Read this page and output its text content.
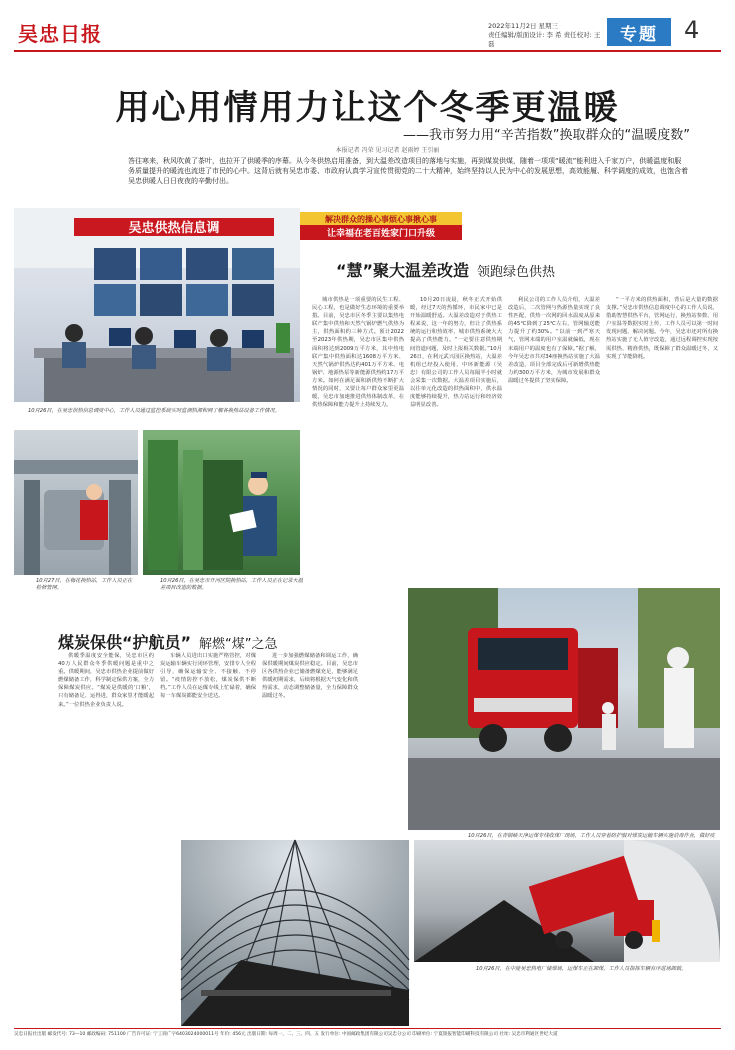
吴忠日报	2022年11月2日 星期三
责任编辑/版面设计: 李 希 责任校对: 王 磊	专题	4
用心用情用力让这个冬季更温暖
——我市努力用“辛苦指数”换取群众的“温暖度数”
本报记者 冯荣 见习记者 赵雨婷 王引丽
答往寒来，秋风吹黄了茶叶，也拉开了供暖季的序幕。从今冬供热启用准备，到大温差改造项目的落地与实施，再到煤炭供煤，随着一项项“暖流”能利进入千家万户，供暖温度和服务质量提升的暖流也流进了市民的心中。这背后就有吴忠市委、市政府认真学习宣传贯彻党的二十大精神，始终坚持以人民为中心的发展思想，高效能履、科学调度的成效，也饱含着吴忠供暖人日日夜夜的辛勤付出。
解决群众的操心事烦心事揪心事
让幸福在老百姓家门口升级
吴忠供热信息调
10月26日，在吴忠供热信息调度中心，工作人员通过监控系统实时监测热源和网了解各换热站设备工作情况。
“慧”聚大温差改造 领跑绿色供热
城市供热是一项重要的民生工程、民心工程，也是做好生态环境的重要举措。目前，吴忠市区冬季主要以集热电联产集中供热和天然气锅炉燃气供热为主，供热面积约三种方式。预计2022至2023年供热期，吴忠市区集中供热面积将达到2009万平方米，其中热电联产集中供热面积达1608万平方米、天然气锅炉供热达约401万平方米、电锅炉、地源热泵等新能源供热约17万平方米。如何在满足面积新供热不断扩大情况的同时，又要让每户群众家里更温暖，吴忠市加速推进供热体制改革，在供热保障和能力提升上持续发力。
10月20日凌晨，秋冬正式开始供暖，经过7天的热循环，市民家中已是开始温暖舒适。大温差改造对于供热工程来说，这一年的努力，但让了供热系统的运行和热效率，城市供热系统大大提高了供热能力。“一定要注意供热期间管道问题，及时上报相关数据。”10月26日，在利元武兴园区换热站，大温差机组已经投入使用，中环新能源（吴忠）有限公司的工作人员每隔半小时就会采集一次数据。大温差项目实施后，以往单元化改造的供热面积中，供水温度能够持续提升，热力站运行和经济效益明显改善。
利民公司的工作人员介绍，大温差改造后，二次管网与热源热量实现了良性匹配，供热一次网的回水温度从原来的45℃降到了25℃左右，管网输送能力提升了约30%。“以前一到严寒天气，管网末端的用户室温就偏低，现在末端用户的温度也有了保障。”据了解，今年吴忠市共对34座换热站实施了大温差改造，项目全部完成后可新增供热能力约300万平方米，为城市发展和群众温暖过冬提供了坚实保障。
“一平方米的供热面积，背后是大量的数据支撑。”吴忠市供热信息调度中心的工作人员说，借助智慧供热平台，管网运行、换热站参数、用户室温等数据实时上传，工作人员可以第一时间发现问题、解决问题。今年，吴忠市还对所有换热站实施了无人值守改造，通过远程调控实现按需供热、精准供热，既保障了群众温暖过冬，又实现了节能降耗。
10月27日，在梅花换热站，工作人员正在检修管网。
10月26日，在吴忠市开河区院换热站，工作人员正在记录大温差项目改造的数据。
煤炭保供“护航员” 解燃“煤”之急
供暖季温度安全能保，吴忠市区约40万人民群众冬季供暖问题是重中之重。供暖期间，吴忠市供热企业提前做好燃煤储备工作，科学制定保供方案，全力保障煤炭供应。“煤炭是供暖的‘口粮’，只有储备足、运得进，群众家里才能暖起来。”一位供热企业负责人说。
车辆人员进出口实施严格管控，对煤炭运输车辆实行闭环管理，安排专人全程引导，确保运输安全、不接触、不停留。“疫情防控不放松，煤炭保供不断档。”工作人员在运煤专线上忙碌着，确保每一车煤炭都能安全送达。
进一步加强燃煤储备和调运工作，确保供暖期间煤炭供应稳定。目前，吴忠市区各供热企业已储备燃煤充足，能够满足供暖初期需求，后续将根据天气变化和供热需求，动态调整储备量，全力保障群众温暖过冬。
10月26日，在青铜峡天净运煤专线收煤厂现场，工作人员穿着防护服对煤炭运输车辆实施消毒作业，做好疫
10月26日，在中能吴忠热电厂储煤场，运煤车正在卸煤，工作人员指挥车辆有序进场卸载。
吴忠日报社出版 邮发代号: 73—10 邮政编码: 751100 广告许可证: 宁工商广字6403024000011号 年价: 456元 出版日期: 每周一、二、三、四、五 发行单位: 中国邮政集团有限公司吴忠分公司 印刷单位: 宁夏银报智能印刷科技有限公司 社址: 吴忠市利通区世纪大道
